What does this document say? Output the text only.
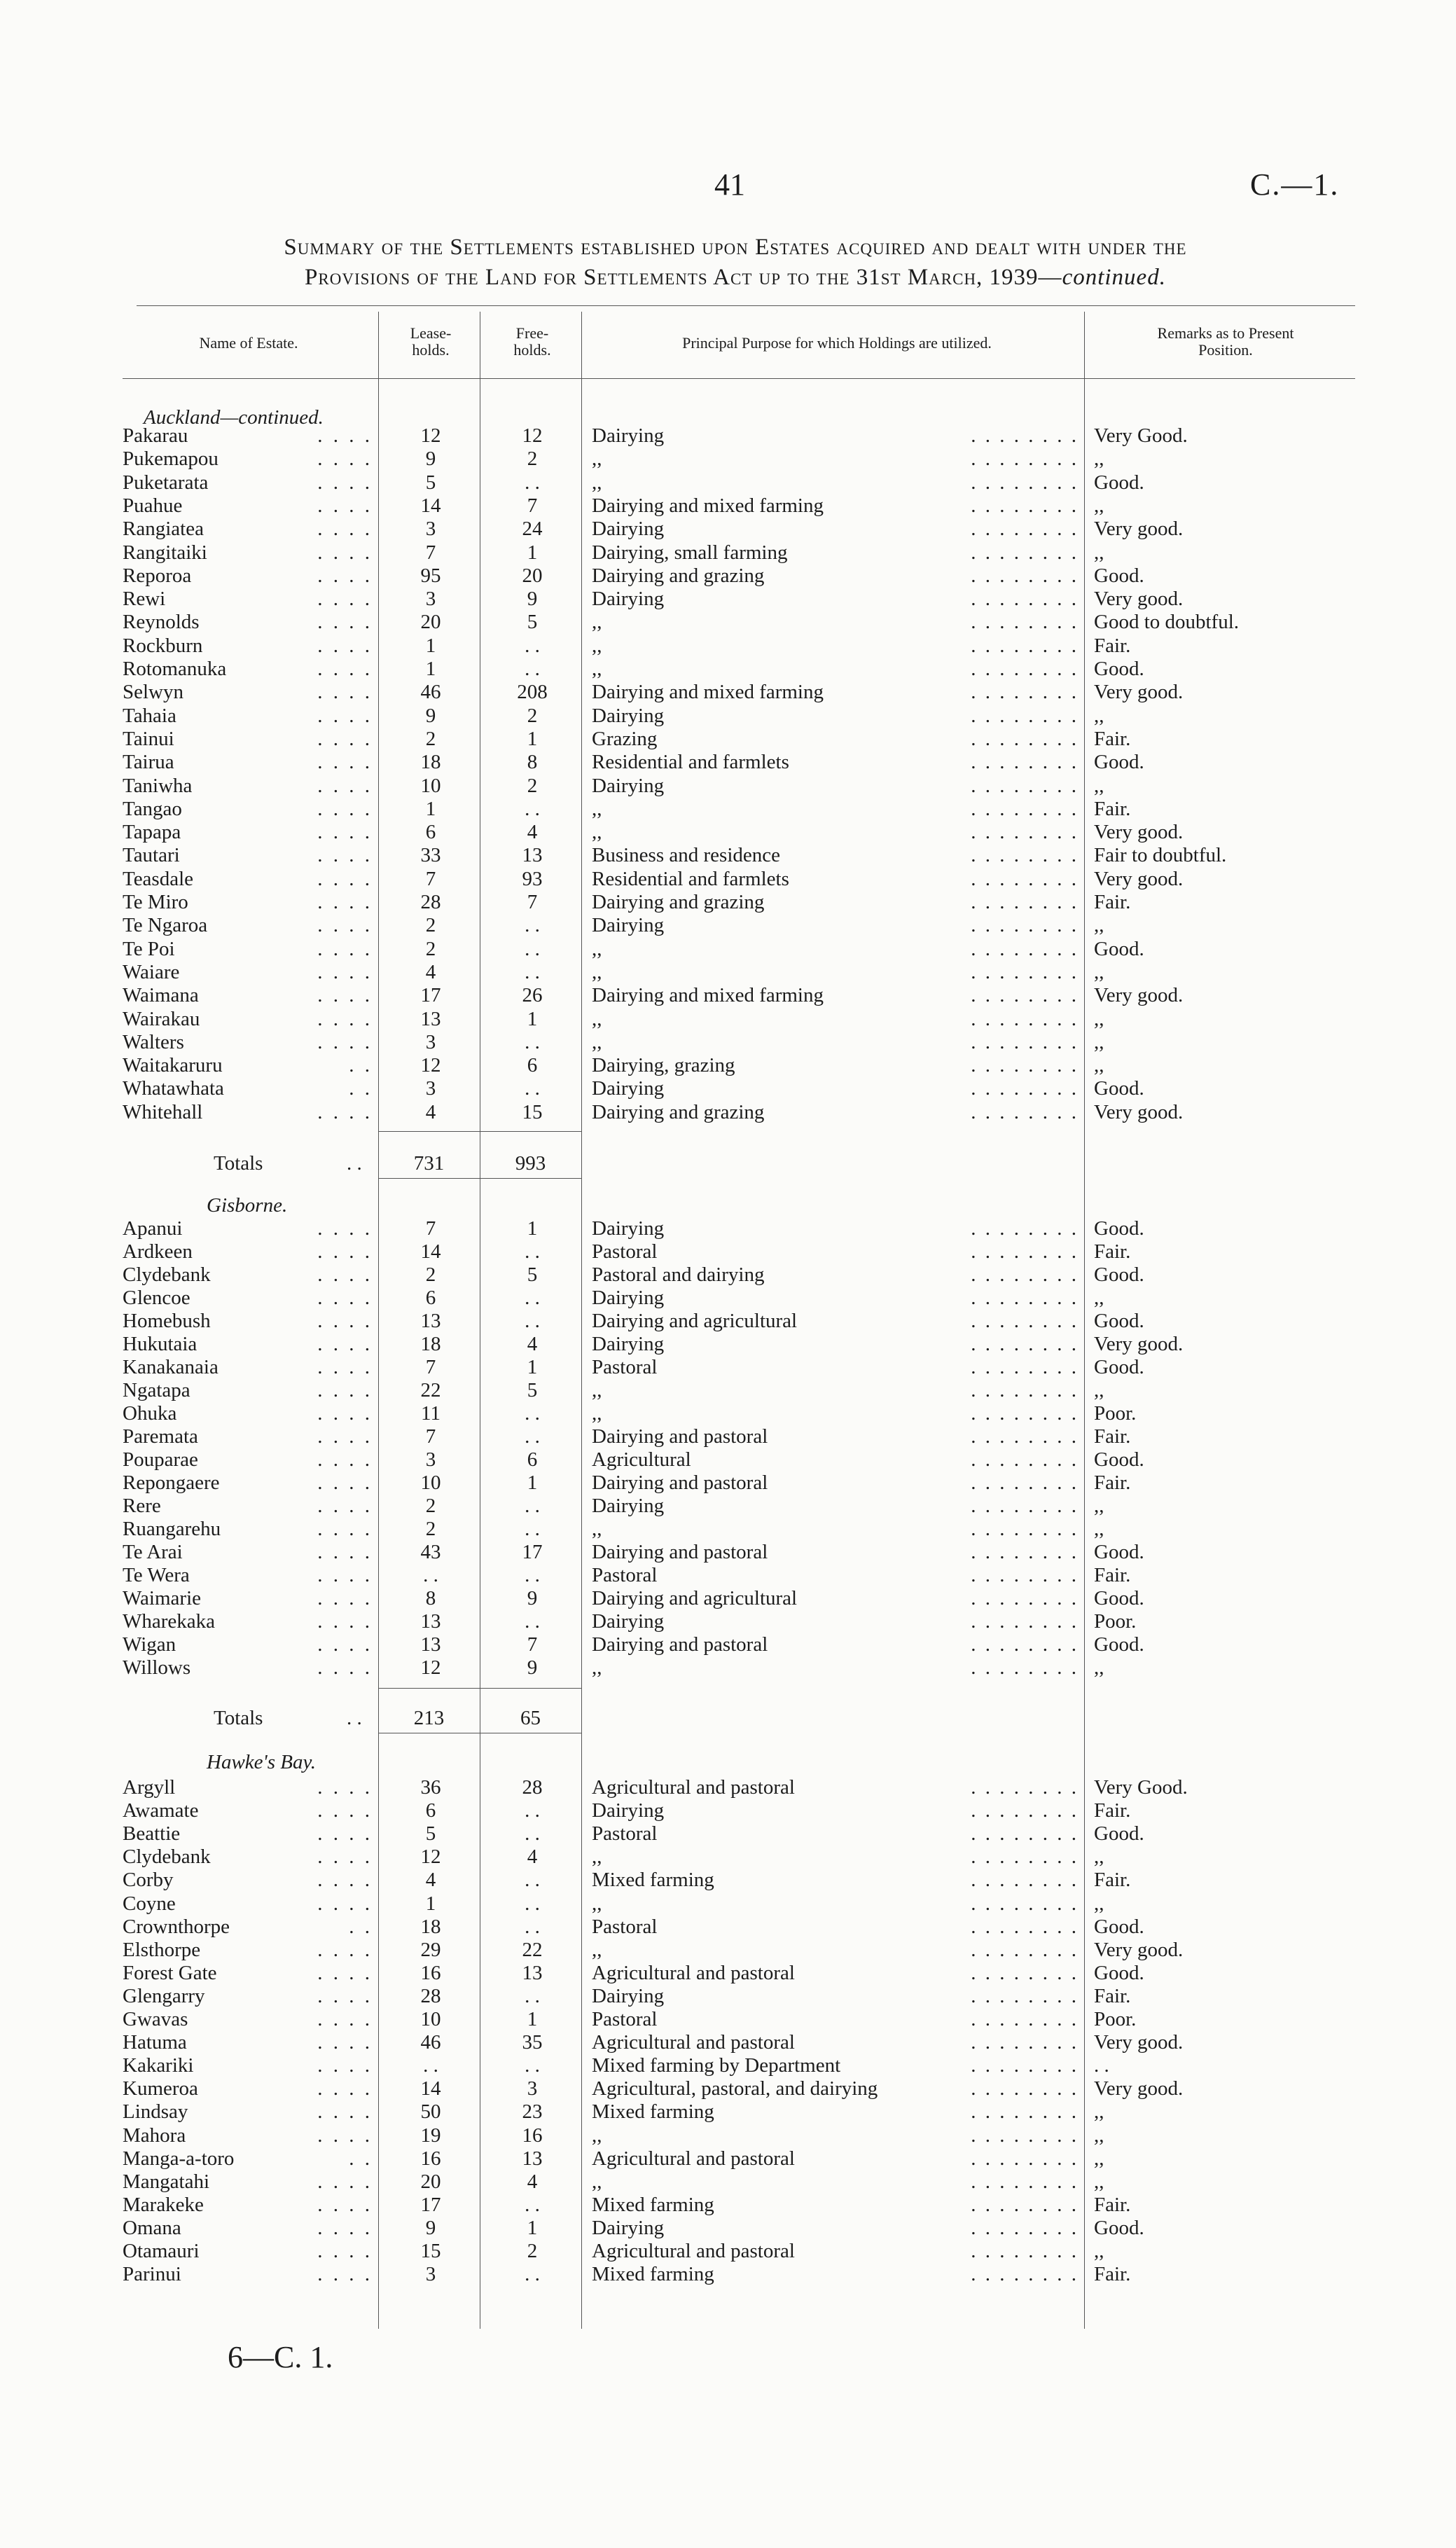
41	C.—1.
Summary of the Settlements established upon Estates acquired and dealt with under the
Provisions of the Land for Settlements Act up to the 31st March, 1939—continued.
Name of Estate.
Lease-
holds.
Free-
holds.	Principal Purpose for which Holdings are utilized.
Remarks as to Present
Position.
Auckland—continued.
Pakarau	. . . .	12	12	Dairying	. . . . . . . . Very Good.
Pukemapou	. . . .	9	2	,,	. . . . . . . . ,,
Puketarata	. . . .	5	. .	,,	. . . . . . . . Good.
Puahue	. . . .	14	7	Dairying and mixed farming	. . . . . . . . ,,
Rangiatea	. . . .	3	24	Dairying	. . . . . . . . Very good.
Rangitaiki	. . . .	7	1	Dairying, small farming	. . . . . . . . ,,
Reporoa	. . . .	95	20	Dairying and grazing	. . . . . . . . Good.
Rewi	. . . .	3	9	Dairying	. . . . . . . . Very good.
Reynolds	. . . .	20	5	,,	. . . . . . . . Good to doubtful.
Rockburn	. . . .	1	. .	,,	. . . . . . . . Fair.
Rotomanuka	. . . .	1	. .	,,	. . . . . . . . Good.
Selwyn	. . . .	46	208	Dairying and mixed farming	. . . . . . . . Very good.
Tahaia	. . . .	9	2	Dairying	. . . . . . . . ,,
Tainui	. . . .	2	1	Grazing	. . . . . . . . Fair.
Tairua	. . . .	18	8	Residential and farmlets	. . . . . . . . Good.
Taniwha	. . . .	10	2	Dairying	. . . . . . . . ,,
Tangao	. . . .	1	. .	,,	. . . . . . . . Fair.
Tapapa	. . . .	6	4	,,	. . . . . . . . Very good.
Tautari	. . . .	33	13	Business and residence	. . . . . . . . Fair to doubtful.
Teasdale	. . . .	7	93	Residential and farmlets	. . . . . . . . Very good.
Te Miro	. . . .	28	7	Dairying and grazing	. . . . . . . . Fair.
Te Ngaroa	. . . .	2	. .	Dairying	. . . . . . . . ,,
Te Poi	. . . .	2	. .	,,	. . . . . . . . Good.
Waiare	. . . .	4	. .	,,	. . . . . . . . ,,
Waimana	. . . .	17	26	Dairying and mixed farming	. . . . . . . . Very good.
Wairakau	. . . .	13	1	,,	. . . . . . . . ,,
Walters	. . . .	3	. .	,,	. . . . . . . . ,,
Waitakaruru	. .	12	6	Dairying, grazing	. . . . . . . . ,,
Whatawhata	. .	3	. .	Dairying	. . . . . . . . Good.
Whitehall	. . . .	4	15	Dairying and grazing	. . . . . . . . Very good.
Totals	. .	731	993
Gisborne.
Apanui	. . . .	7	1	Dairying	. . . . . . . . Good.
Ardkeen	. . . .	14	. .	Pastoral	. . . . . . . . Fair.
Clydebank	. . . .	2	5	Pastoral and dairying	. . . . . . . . Good.
Glencoe	. . . .	6	. .	Dairying	. . . . . . . . ,,
Homebush	. . . .	13	. .	Dairying and agricultural	. . . . . . . . Good.
Hukutaia	. . . .	18	4	Dairying	. . . . . . . . Very good.
Kanakanaia	. . . .	7	1	Pastoral	. . . . . . . . Good.
Ngatapa	. . . .	22	5	,,	. . . . . . . . ,,
Ohuka	. . . .	11	. .	,,	. . . . . . . . Poor.
Paremata	. . . .	7	. .	Dairying and pastoral	. . . . . . . . Fair.
Pouparae	. . . .	3	6	Agricultural	. . . . . . . . Good.
Repongaere	. . . .	10	1	Dairying and pastoral	. . . . . . . . Fair.
Rere	. . . .	2	. .	Dairying	. . . . . . . . ,,
Ruangarehu	. . . .	2	. .	,,	. . . . . . . . ,,
Te Arai	. . . .	43	17	Dairying and pastoral	. . . . . . . . Good.
Te Wera	. . . .	. .	. .	Pastoral	. . . . . . . . Fair.
Waimarie	. . . .	8	9	Dairying and agricultural	. . . . . . . . Good.
Wharekaka	. . . .	13	. .	Dairying	. . . . . . . . Poor.
Wigan	. . . .	13	7	Dairying and pastoral	. . . . . . . . Good.
Willows	. . . .	12	9	,,	. . . . . . . . ,,
Totals	. .	213	65
Hawke's Bay.
Argyll	. . . .	36	28	Agricultural and pastoral	. . . . . . . . Very Good.
Awamate	. . . .	6	. .	Dairying	. . . . . . . . Fair.
Beattie	. . . .	5	. .	Pastoral	. . . . . . . . Good.
Clydebank	. . . .	12	4	,,	. . . . . . . . ,,
Corby	. . . .	4	. .	Mixed farming	. . . . . . . . Fair.
Coyne	. . . .	1	. .	,,	. . . . . . . . ,,
Crownthorpe	. .	18	. .	Pastoral	. . . . . . . . Good.
Elsthorpe	. . . .	29	22	,,	. . . . . . . . Very good.
Forest Gate	. . . .	16	13	Agricultural and pastoral	. . . . . . . . Good.
Glengarry	. . . .	28	. .	Dairying	. . . . . . . . Fair.
Gwavas	. . . .	10	1	Pastoral	. . . . . . . . Poor.
Hatuma	. . . .	46	35	Agricultural and pastoral	. . . . . . . . Very good.
Kakariki	. . . .	. .	. .	Mixed farming by Department	. . . . . . . . . .
Kumeroa	. . . .	14	3	Agricultural, pastoral, and dairying	. . . . . . . . Very good.
Lindsay	. . . .	50	23	Mixed farming	. . . . . . . . ,,
Mahora	. . . .	19	16	,,	. . . . . . . . ,,
Manga-a-toro	. .	16	13	Agricultural and pastoral	. . . . . . . . ,,
Mangatahi	. . . .	20	4	,,	. . . . . . . . ,,
Marakeke	. . . .	17	. .	Mixed farming	. . . . . . . . Fair.
Omana	. . . .	9	1	Dairying	. . . . . . . . Good.
Otamauri	. . . .	15	2	Agricultural and pastoral	. . . . . . . . ,,
Parinui	. . . .	3	. .	Mixed farming	. . . . . . . . Fair.
6—C. 1.
